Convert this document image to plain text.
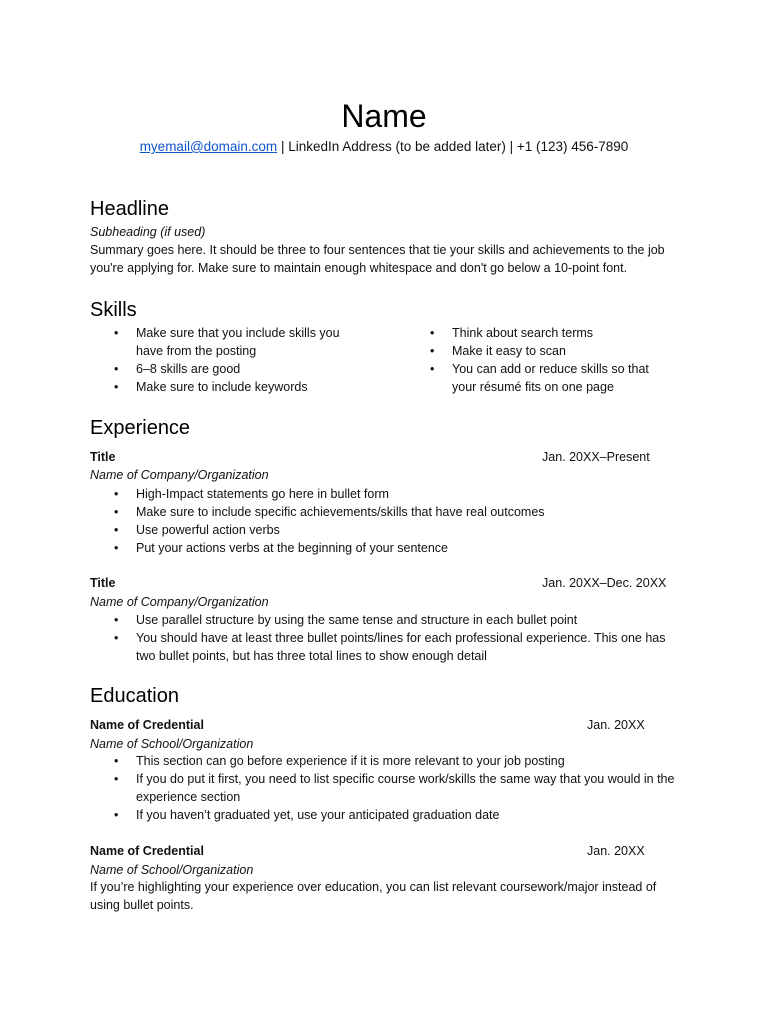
Name
myemail@domain.com | LinkedIn Address (to be added later) | +1 (123) 456-7890
Headline
Subheading (if used)
Summary goes here. It should be three to four sentences that tie your skills and achievements to the job you're applying for. Make sure to maintain enough whitespace and don't go below a 10-point font.
Skills
• Make sure that you include skills you have from the posting
• 6–8 skills are good
• Make sure to include keywords
• Think about search terms
• Make it easy to scan
• You can add or reduce skills so that your résumé fits on one page
Experience
Title	Jan. 20XX–Present
Name of Company/Organization
• High-Impact statements go here in bullet form
• Make sure to include specific achievements/skills that have real outcomes
• Use powerful action verbs
• Put your actions verbs at the beginning of your sentence
Title	Jan. 20XX–Dec. 20XX
Name of Company/Organization
• Use parallel structure by using the same tense and structure in each bullet point
• You should have at least three bullet points/lines for each professional experience. This one has two bullet points, but has three total lines to show enough detail
Education
Name of Credential	Jan. 20XX
Name of School/Organization
• This section can go before experience if it is more relevant to your job posting
• If you do put it first, you need to list specific course work/skills the same way that you would in the experience section
• If you haven’t graduated yet, use your anticipated graduation date
Name of Credential	Jan. 20XX
Name of School/Organization
If you’re highlighting your experience over education, you can list relevant coursework/major instead of using bullet points.
